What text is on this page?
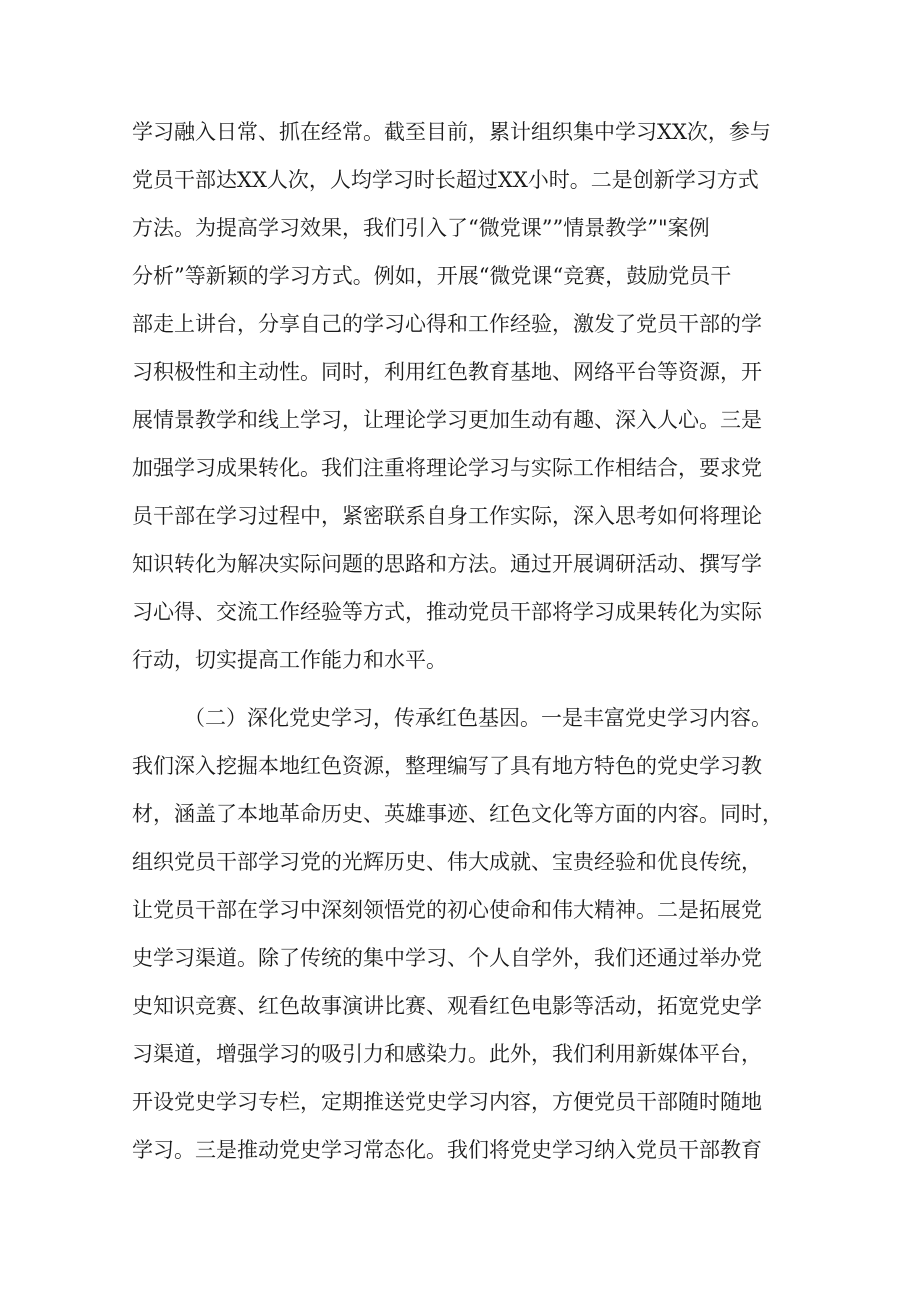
学习融入日常、抓在经常。截至目前，累计组织集中学习XX次，参与
党员干部达XX人次，人均学习时长超过XX小时。二是创新学习方式
方法。为提高学习效果，我们引入了“微党课””情景教学”"案例
分析”等新颖的学习方式。例如，开展“微党课“竞赛，鼓励党员干
部走上讲台，分享自己的学习心得和工作经验，激发了党员干部的学
习积极性和主动性。同时，利用红色教育基地、网络平台等资源，开
展情景教学和线上学习，让理论学习更加生动有趣、深入人心。三是
加强学习成果转化。我们注重将理论学习与实际工作相结合，要求党
员干部在学习过程中，紧密联系自身工作实际，深入思考如何将理论
知识转化为解决实际问题的思路和方法。通过开展调研活动、撰写学
习心得、交流工作经验等方式，推动党员干部将学习成果转化为实际
行动，切实提高工作能力和水平。
（二）深化党史学习，传承红色基因。一是丰富党史学习内容。
我们深入挖掘本地红色资源，整理编写了具有地方特色的党史学习教
材，涵盖了本地革命历史、英雄事迹、红色文化等方面的内容。同时，
组织党员干部学习党的光辉历史、伟大成就、宝贵经验和优良传统，
让党员干部在学习中深刻领悟党的初心使命和伟大精神。二是拓展党
史学习渠道。除了传统的集中学习、个人自学外，我们还通过举办党
史知识竞赛、红色故事演讲比赛、观看红色电影等活动，拓宽党史学
习渠道，增强学习的吸引力和感染力。此外，我们利用新媒体平台，
开设党史学习专栏，定期推送党史学习内容，方便党员干部随时随地
学习。三是推动党史学习常态化。我们将党史学习纳入党员干部教育
